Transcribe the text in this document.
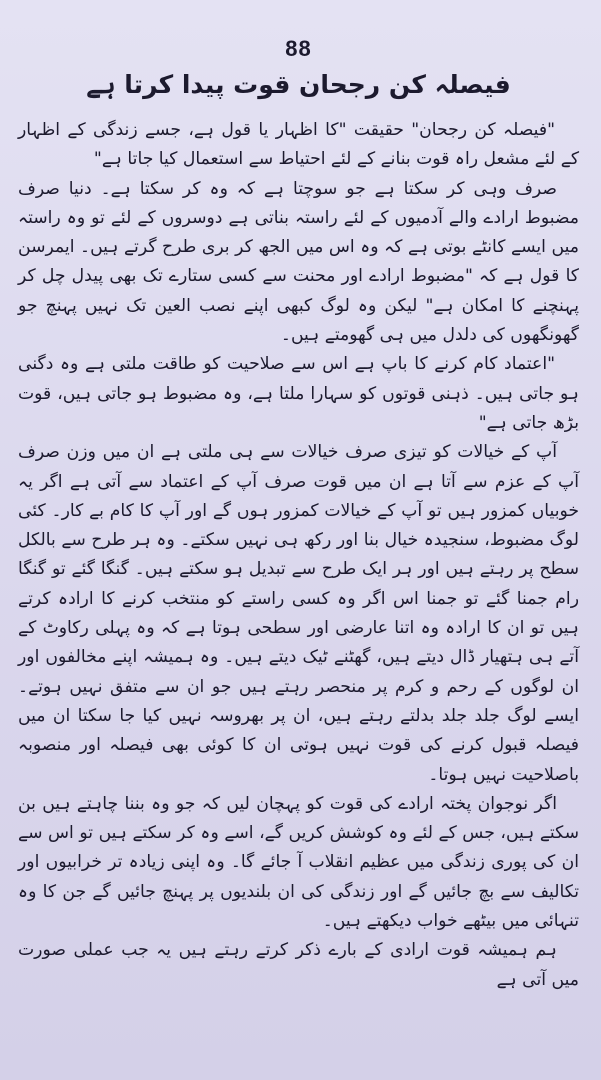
88
فیصلہ کن رجحان قوت پیدا کرتا ہے

"فیصلہ کن رجحان" حقیقت "کا اظہار یا قول ہے، جسے زندگی کے اظہار کے لئے مشعل راہ قوت بنانے کے لئے احتیاط سے استعمال کیا جاتا ہے"

صرف وہی کر سکتا ہے جو سوچتا ہے کہ وہ کر سکتا ہے۔ دنیا صرف مضبوط ارادے والے آدمیوں کے لئے راستہ بناتی ہے دوسروں کے لئے تو وہ راستہ میں ایسے کانٹے بوتی ہے کہ وہ اس میں الجھ کر بری طرح گرتے ہیں۔ ایمرسن کا قول ہے کہ "مضبوط ارادے اور محنت سے کسی ستارے تک بھی پیدل چل کر پہنچنے کا امکان ہے" لیکن وہ لوگ کبھی اپنے نصب العین تک نہیں پہنچ جو گھونگھوں کی دلدل میں ہی گھومتے ہیں۔

"اعتماد کام کرنے کا باپ ہے اس سے صلاحیت کو طاقت ملتی ہے وہ دگنی ہو جاتی ہیں۔ ذہنی قوتوں کو سہارا ملتا ہے، وہ مضبوط ہو جاتی ہیں، قوت بڑھ جاتی ہے"

آپ کے خیالات کو تیزی صرف خیالات سے ہی ملتی ہے ان میں وزن صرف آپ کے عزم سے آتا ہے ان میں قوت صرف آپ کے اعتماد سے آتی ہے اگر یہ خوبیاں کمزور ہیں تو آپ کے خیالات کمزور ہوں گے اور آپ کا کام بے کار۔ کئی لوگ مضبوط، سنجیدہ خیال بنا اور رکھ ہی نہیں سکتے۔ وہ ہر طرح سے بالکل سطح پر رہتے ہیں اور ہر ایک طرح سے تبدیل ہو سکتے ہیں۔ گنگا گئے تو گنگا رام جمنا گئے تو جمنا اس اگر وہ کسی راستے کو منتخب کرنے کا ارادہ کرتے ہیں تو ان کا ارادہ وہ اتنا عارضی اور سطحی ہوتا ہے کہ وہ پہلی رکاوٹ کے آتے ہی ہتھیار ڈال دیتے ہیں، گھٹنے ٹیک دیتے ہیں۔ وہ ہمیشہ اپنے مخالفوں اور ان لوگوں کے رحم و کرم پر منحصر رہتے ہیں جو ان سے متفق نہیں ہوتے۔ ایسے لوگ جلد جلد بدلتے رہتے ہیں، ان پر بھروسہ نہیں کیا جا سکتا ان میں فیصلہ قبول کرنے کی قوت نہیں ہوتی ان کا کوئی بھی فیصلہ اور منصوبہ باصلاحیت نہیں ہوتا۔

اگر نوجوان پختہ ارادے کی قوت کو پہچان لیں کہ جو وہ بننا چاہتے ہیں بن سکتے ہیں، جس کے لئے وہ کوشش کریں گے، اسے وہ کر سکتے ہیں تو اس سے ان کی پوری زندگی میں عظیم انقلاب آ جائے گا۔ وہ اپنی زیادہ تر خرابیوں اور تکالیف سے بچ جائیں گے اور زندگی کی ان بلندیوں پر پہنچ جائیں گے جن کا وہ تنہائی میں بیٹھے خواب دیکھتے ہیں۔

ہم ہمیشہ قوت ارادی کے بارے ذکر کرتے رہتے ہیں یہ جب عملی صورت میں آتی ہے
